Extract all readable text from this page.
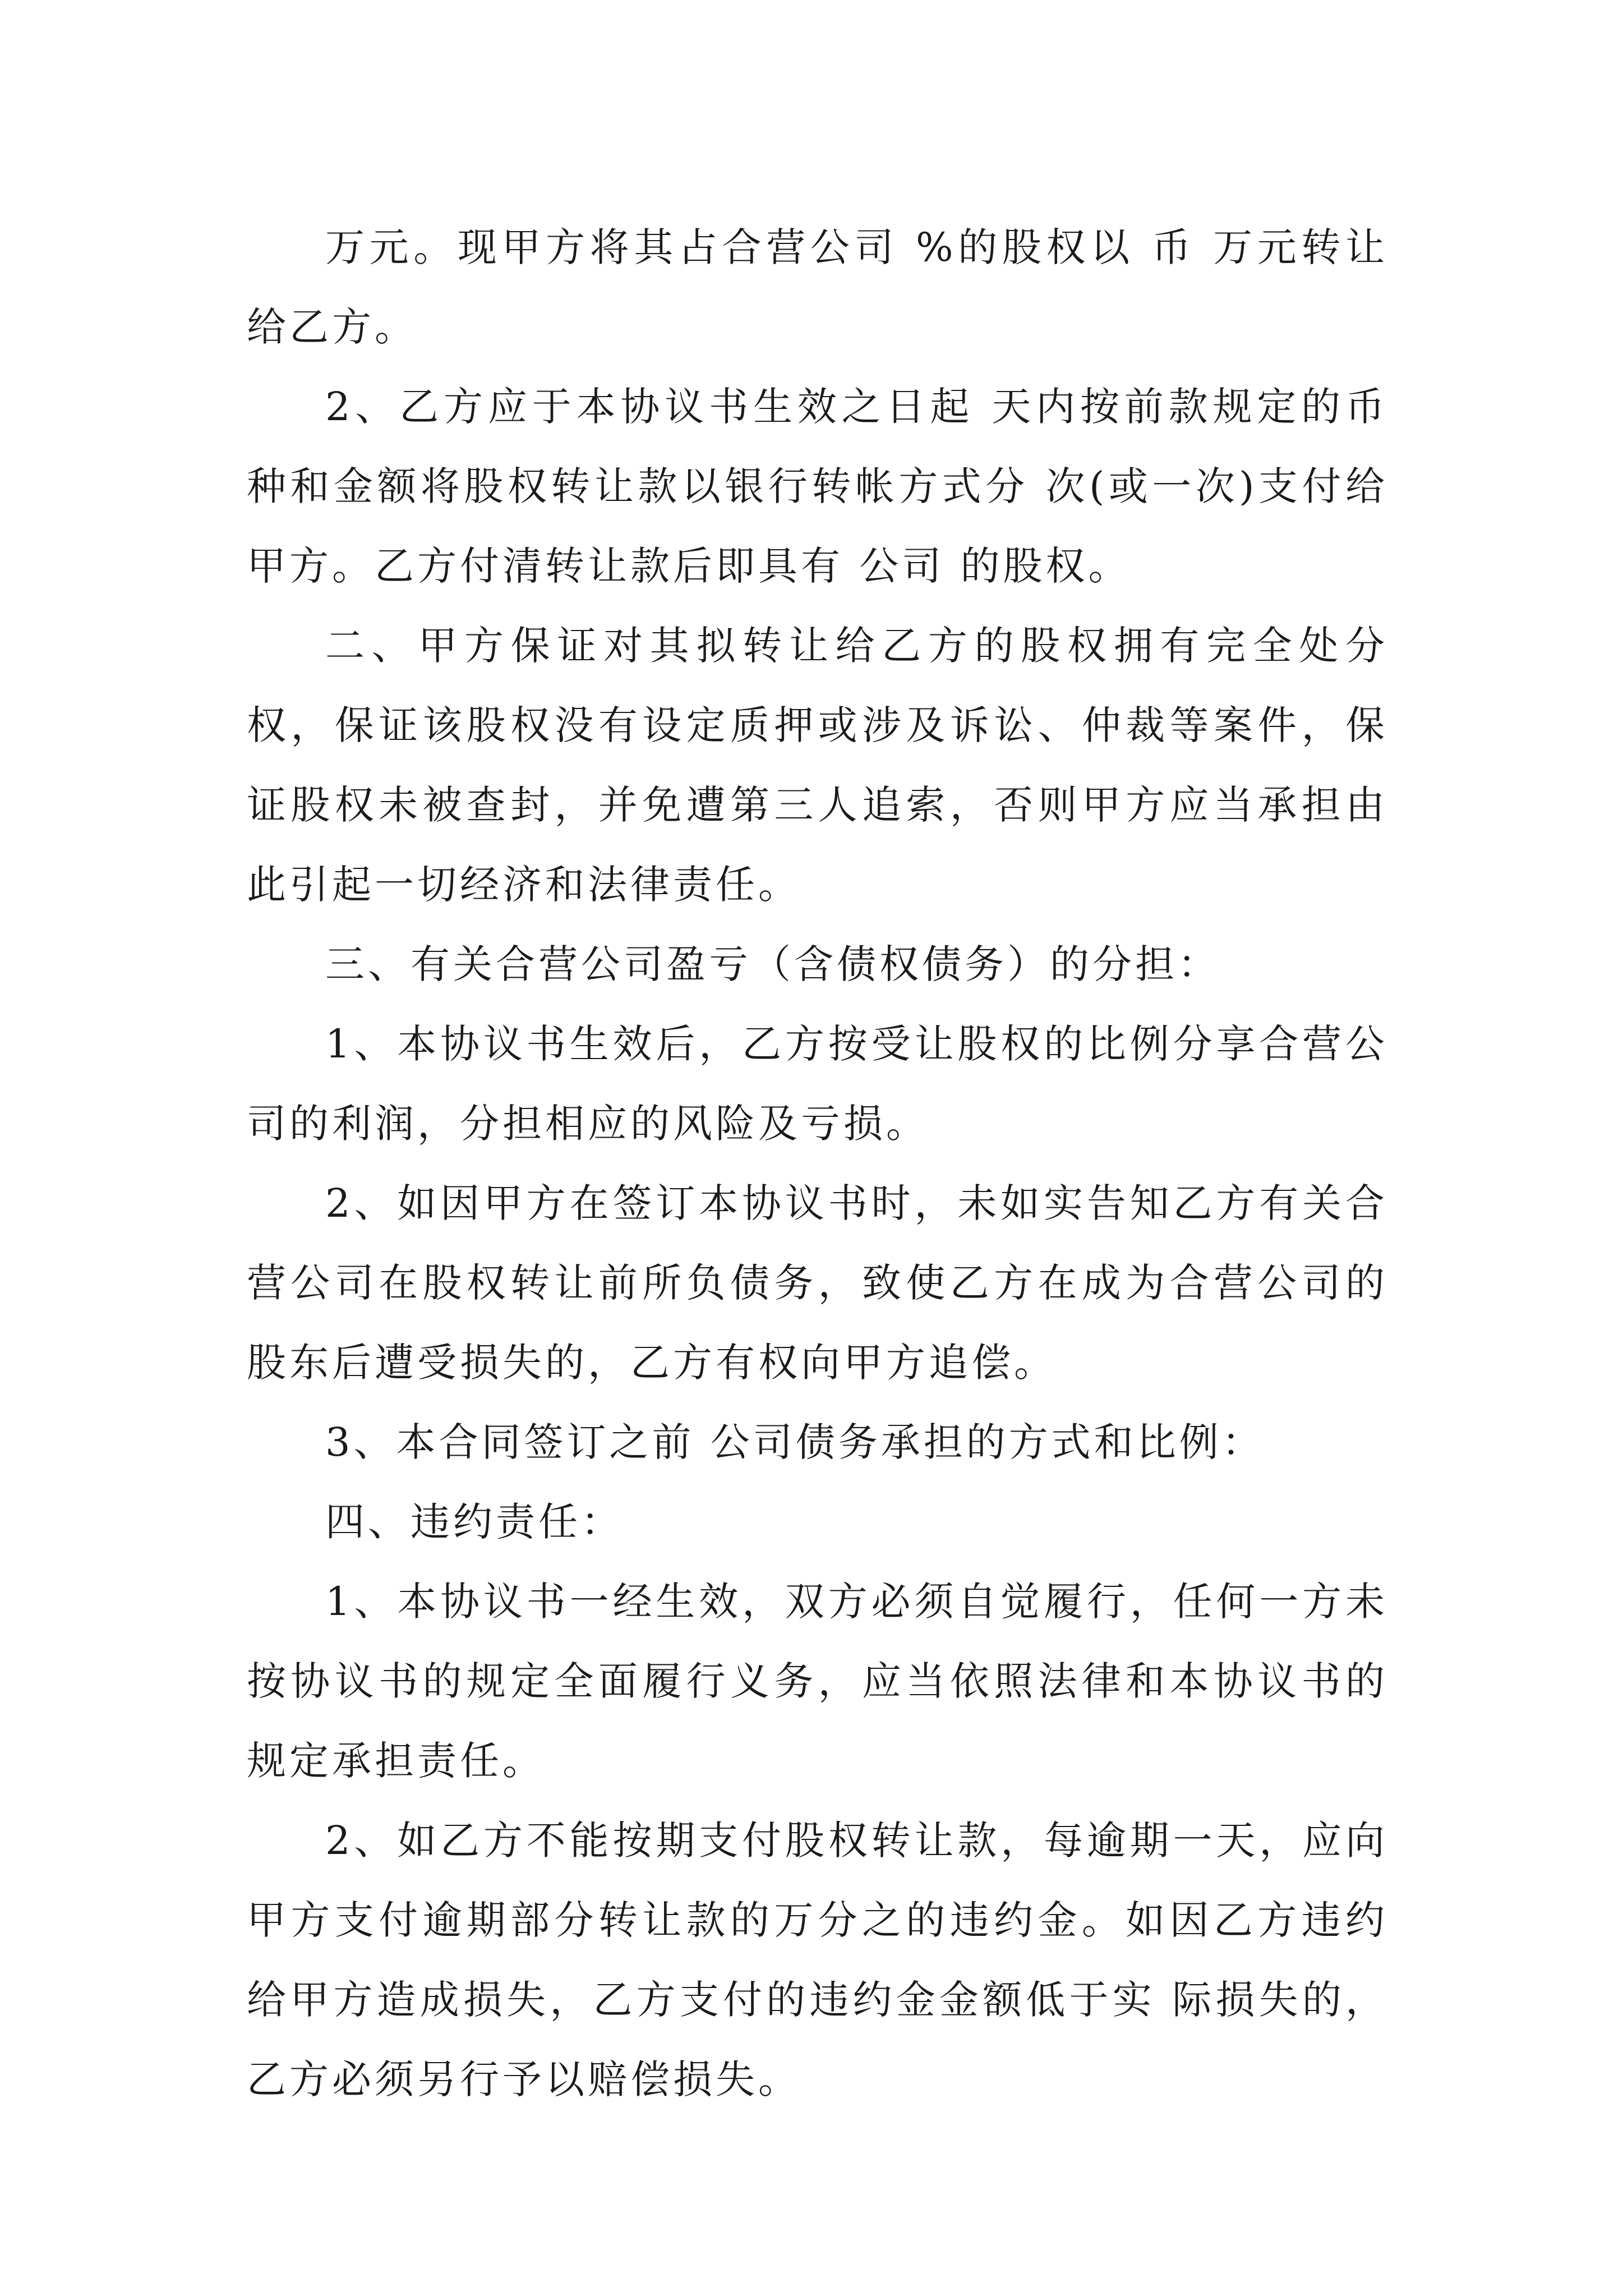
万元。现甲方将其占合营公司 %的股权以 币 万元转让给乙方。

2、乙方应于本协议书生效之日起 天内按前款规定的币种和金额将股权转让款以银行转帐方式分 次(或一次)支付给甲方。乙方付清转让款后即具有 公司 的股权。

二、甲方保证对其拟转让给乙方的股权拥有完全处分权，保证该股权没有设定质押或涉及诉讼、仲裁等案件，保证股权未被查封，并免遭第三人追索，否则甲方应当承担由此引起一切经济和法律责任。

三、有关合营公司盈亏（含债权债务）的分担：

1、本协议书生效后，乙方按受让股权的比例分享合营公司的利润，分担相应的风险及亏损。

2、如因甲方在签订本协议书时，未如实告知乙方有关合营公司在股权转让前所负债务，致使乙方在成为合营公司的股东后遭受损失的，乙方有权向甲方追偿。

3、本合同签订之前 公司债务承担的方式和比例：

四、违约责任：

1、本协议书一经生效，双方必须自觉履行，任何一方未按协议书的规定全面履行义务，应当依照法律和本协议书的规定承担责任。

2、如乙方不能按期支付股权转让款，每逾期一天，应向甲方支付逾期部分转让款的万分之的违约金。如因乙方违约给甲方造成损失，乙方支付的违约金金额低于实 际损失的，乙方必须另行予以赔偿损失。
